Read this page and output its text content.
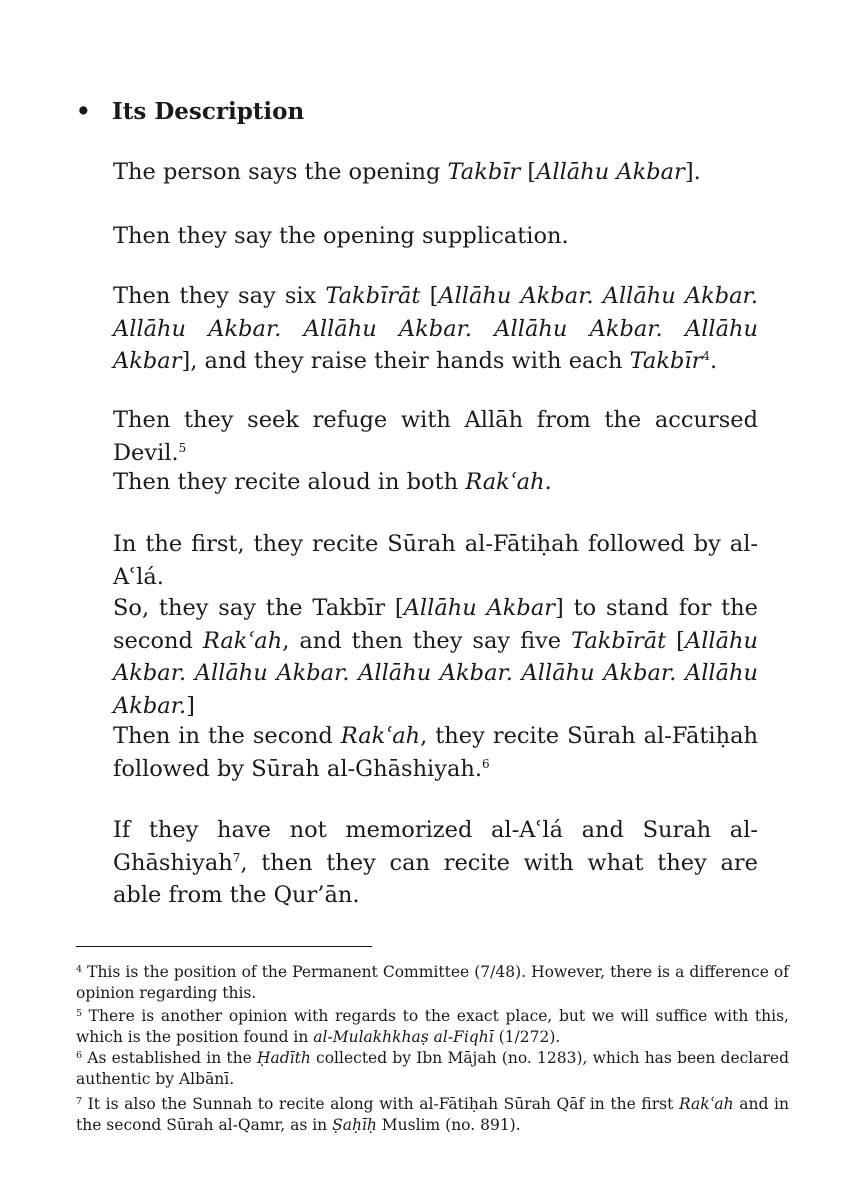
• Its Description

The person says the opening Takbīr [Allāhu Akbar].

Then they say the opening supplication.

Then they say six Takbīrāt [Allāhu Akbar. Allāhu Akbar. Allāhu Akbar. Allāhu Akbar. Allāhu Akbar. Allāhu Akbar], and they raise their hands with each Takbīr$^4$.

Then they seek refuge with Allāh from the accursed Devil.$^5$

Then they recite aloud in both Rakʿah.

In the first, they recite Sūrah al-Fātiḥah followed by al-Aʿlá.

So, they say the Takbīr [Allāhu Akbar] to stand for the second Rakʿah, and then they say five Takbīrāt [Allāhu Akbar. Allāhu Akbar. Allāhu Akbar. Allāhu Akbar. Allāhu Akbar.]

Then in the second Rakʿah, they recite Sūrah al-Fātiḥah followed by Sūrah al-Ghāshiyah.$^6$

If they have not memorized al-Aʿlá and Surah al-Ghāshiyah$^7$, then they can recite with what they are able from the Qur’ān.

$^4$ This is the position of the Permanent Committee (7/48). However, there is a difference of opinion regarding this.

$^5$ There is another opinion with regards to the exact place, but we will suffice with this, which is the position found in al-Mulakhkhaṣ al-Fiqhī (1/272).

$^6$ As established in the Ḥadīth collected by Ibn Mājah (no. 1283), which has been declared authentic by Albānī.

$^7$ It is also the Sunnah to recite along with al-Fātiḥah Sūrah Qāf in the first Rakʿah and in the second Sūrah al-Qamr, as in Ṣaḥīḥ Muslim (no. 891).
